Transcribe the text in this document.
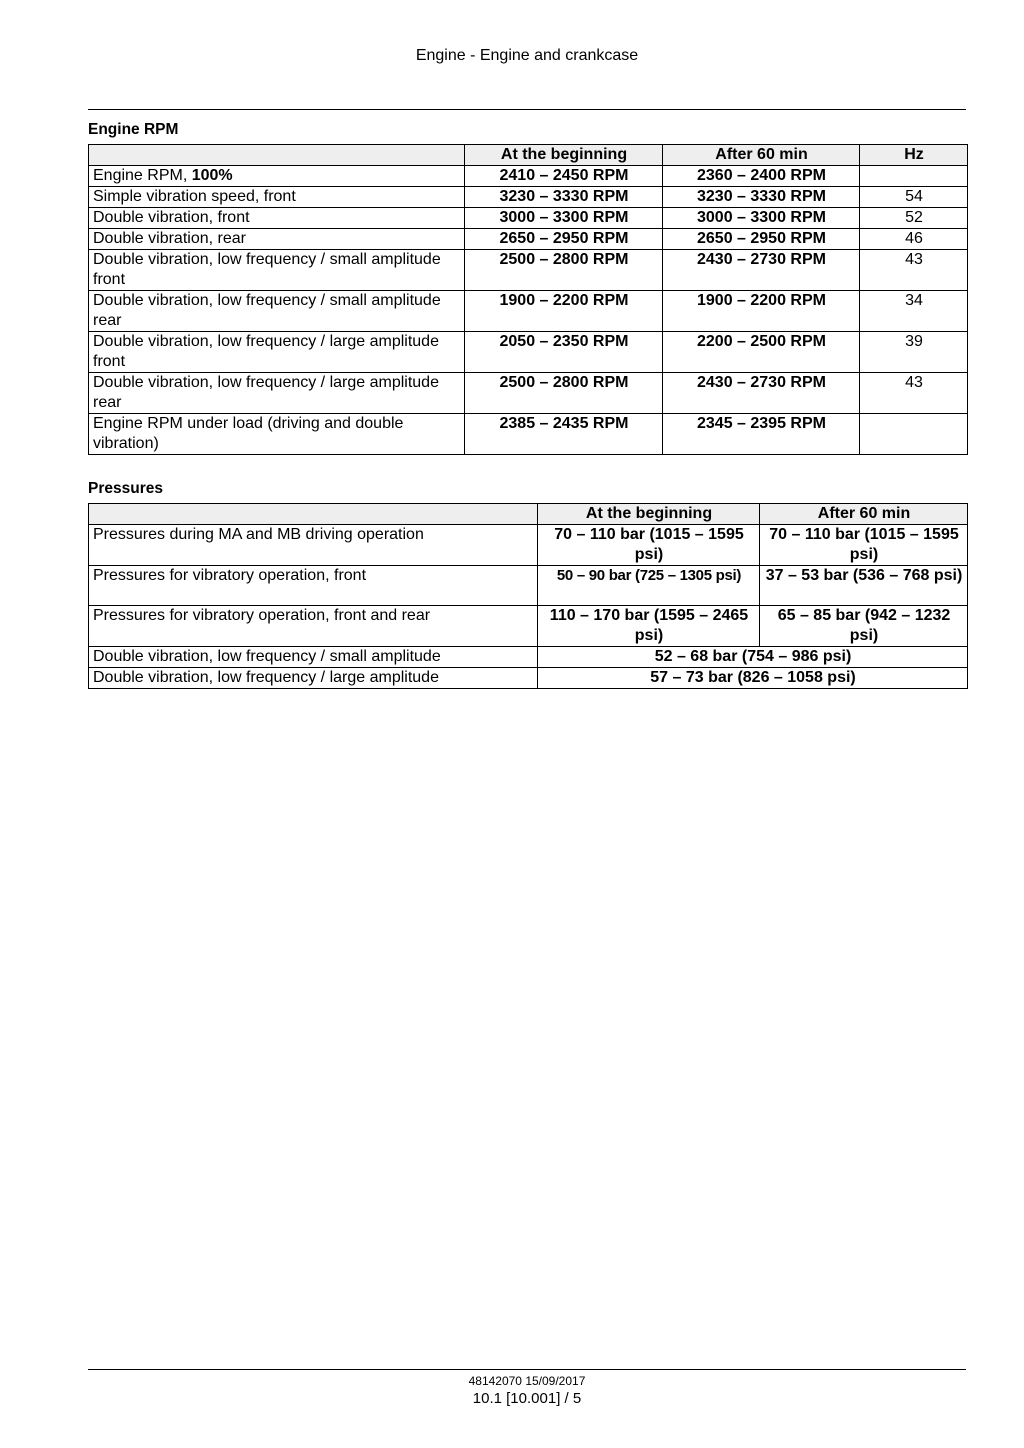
Engine - Engine and crankcase
Engine RPM
	At the beginning	After 60 min	Hz
Engine RPM, 100%	2410 – 2450 RPM	2360 – 2400 RPM	
Simple vibration speed, front	3230 – 3330 RPM	3230 – 3330 RPM	54
Double vibration, front	3000 – 3300 RPM	3000 – 3300 RPM	52
Double vibration, rear	2650 – 2950 RPM	2650 – 2950 RPM	46
Double vibration, low frequency / small amplitude front	2500 – 2800 RPM	2430 – 2730 RPM	43
Double vibration, low frequency / small amplitude rear	1900 – 2200 RPM	1900 – 2200 RPM	34
Double vibration, low frequency / large amplitude front	2050 – 2350 RPM	2200 – 2500 RPM	39
Double vibration, low frequency / large amplitude rear	2500 – 2800 RPM	2430 – 2730 RPM	43
Engine RPM under load (driving and double vibration)	2385 – 2435 RPM	2345 – 2395 RPM	
Pressures
	At the beginning	After 60 min
Pressures during MA and MB driving operation	70 – 110 bar (1015 – 1595 psi)	70 – 110 bar (1015 – 1595 psi)
Pressures for vibratory operation, front	50 – 90 bar (725 – 1305 psi)	37 – 53 bar (536 – 768 psi)
Pressures for vibratory operation, front and rear	110 – 170 bar (1595 – 2465 psi)	65 – 85 bar (942 – 1232 psi)
Double vibration, low frequency / small amplitude	52 – 68 bar (754 – 986 psi)	
Double vibration, low frequency / large amplitude	57 – 73 bar (826 – 1058 psi)	
48142070 15/09/2017
10.1 [10.001] / 5
